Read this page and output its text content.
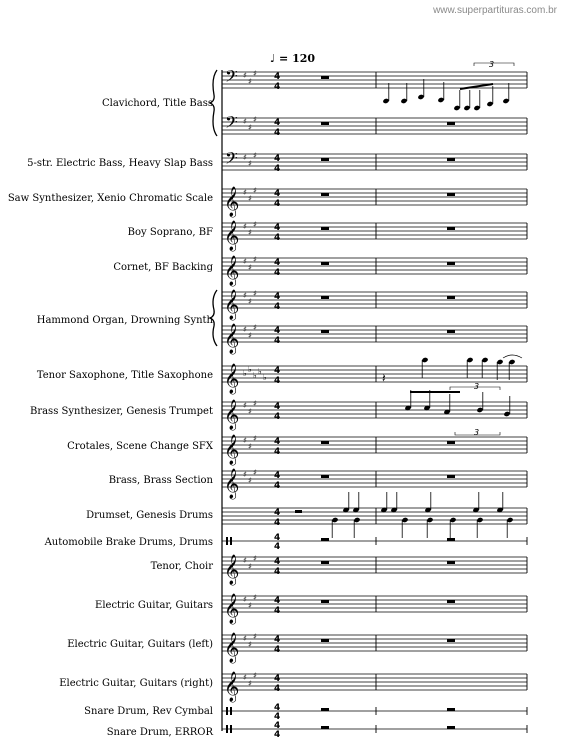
www.superpartituras.com.br
♩ = 120
Clavichord, Title Bass
5-str. Electric Bass, Heavy Slap Bass
Saw Synthesizer, Xenio Chromatic Scale
Boy Soprano, BF
Cornet, BF Backing
Hammond Organ, Drowning Synth
Tenor Saxophone, Title Saxophone
Brass Synthesizer, Genesis Trumpet
Crotales, Scene Change SFX
Brass, Brass Section
Drumset, Genesis Drums
Automobile Brake Drums, Drums
Tenor, Choir
Electric Guitar, Guitars
Electric Guitar, Guitars (left)
Electric Guitar, Guitars (right)
Snare Drum, Rev Cymbal
Snare Drum, ERROR
𝄢 ♯
♯
♯ 4
4
𝄢 ♯
♯
♯ 4
4
𝄢 ♯
♯
♯ 4
4
𝄞 ♯
♯
♯ 4
4
𝄞 ♯
♯
♯ 4
4
𝄞 ♯
♯
♯ 4
4
𝄞 ♯
♯
♯ 4
4
𝄞 ♯
♯
♯ 4
4
𝄞 ♭ ♭
♭ ♭
♭
4
4
𝄞 ♯
♯
♯ 4
4
𝄞 ♯
♯
♯ 4
4
𝄞 ♯
♯
♯ 4
4
4
4
4
4
𝄞 ♯
♯
♯ 4
4
𝄞 ♯
♯
♯ 4
4
𝄞 ♯
♯
♯ 4
4
𝄞 ♯
♯
♯ 4
4
4
4
4
4
3
𝄽
3
3
